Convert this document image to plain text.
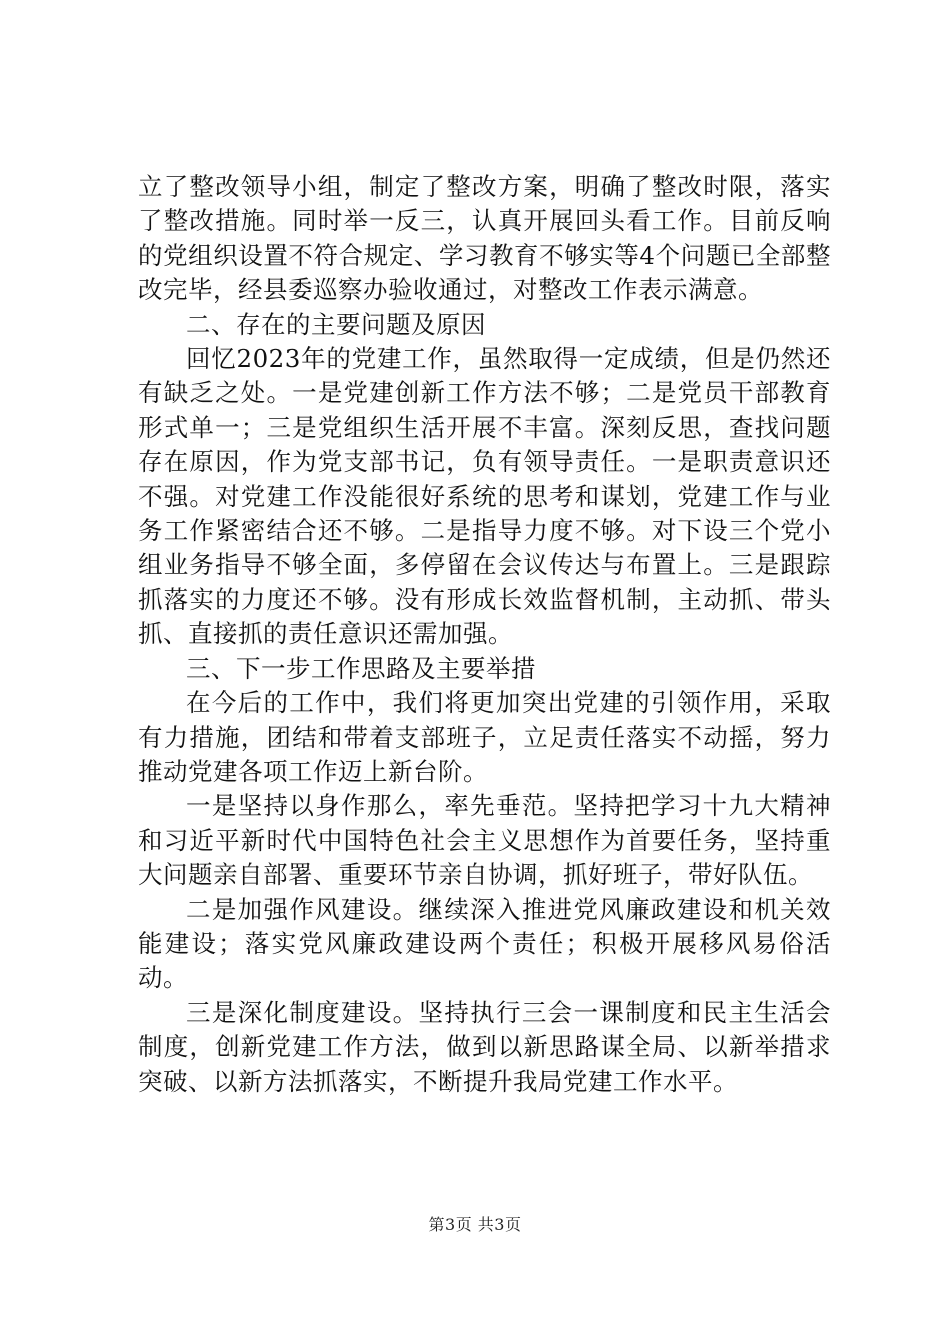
立了整改领导小组，制定了整改方案，明确了整改时限，落实了整改措施。同时举一反三，认真开展回头看工作。目前反响的党组织设置不符合规定、学习教育不够实等4个问题已全部整改完毕，经县委巡察办验收通过，对整改工作表示满意。

二、存在的主要问题及原因

回忆2023年的党建工作，虽然取得一定成绩，但是仍然还有缺乏之处。一是党建创新工作方法不够；二是党员干部教育形式单一；三是党组织生活开展不丰富。深刻反思，查找问题存在原因，作为党支部书记，负有领导责任。一是职责意识还不强。对党建工作没能很好系统的思考和谋划，党建工作与业务工作紧密结合还不够。二是指导力度不够。对下设三个党小组业务指导不够全面，多停留在会议传达与布置上。三是跟踪抓落实的力度还不够。没有形成长效监督机制，主动抓、带头抓、直接抓的责任意识还需加强。

三、下一步工作思路及主要举措

在今后的工作中，我们将更加突出党建的引领作用，采取有力措施，团结和带着支部班子，立足责任落实不动摇，努力推动党建各项工作迈上新台阶。

一是坚持以身作那么，率先垂范。坚持把学习十九大精神和习近平新时代中国特色社会主义思想作为首要任务，坚持重大问题亲自部署、重要环节亲自协调，抓好班子，带好队伍。

二是加强作风建设。继续深入推进党风廉政建设和机关效能建设；落实党风廉政建设两个责任；积极开展移风易俗活动。

三是深化制度建设。坚持执行三会一课制度和民主生活会制度，创新党建工作方法，做到以新思路谋全局、以新举措求突破、以新方法抓落实，不断提升我局党建工作水平。

第3页 共3页
